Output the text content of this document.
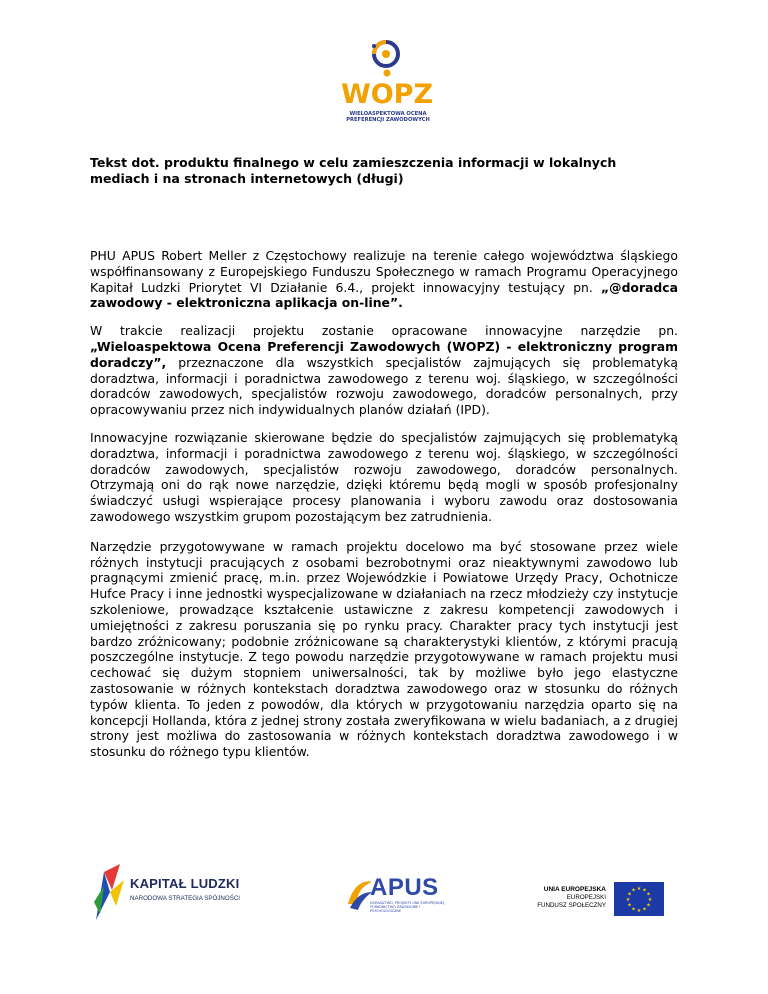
WOPZ
WIELOASPEKTOWA OCENA
PREFERENCJI ZAWODOWYCH
Tekst dot. produktu finalnego w celu zamieszczenia informacji w lokalnych mediach i na stronach internetowych (długi)

PHU APUS Robert Meller z Częstochowy realizuje na terenie całego województwa śląskiego współfinansowany z Europejskiego Funduszu Społecznego w ramach Programu Operacyjnego Kapitał Ludzki Priorytet VI Działanie 6.4., projekt innowacyjny testujący pn. „@doradca zawodowy - elektroniczna aplikacja on-line”.

W trakcie realizacji projektu zostanie opracowane innowacyjne narzędzie pn. „Wieloaspektowa Ocena Preferencji Zawodowych (WOPZ) - elektroniczny program doradczy”, przeznaczone dla wszystkich specjalistów zajmujących się problematyką doradztwa, informacji i poradnictwa zawodowego z terenu woj. śląskiego, w szczególności doradców zawodowych, specjalistów rozwoju zawodowego, doradców personalnych, przy opracowywaniu przez nich indywidualnych planów działań (IPD).

Innowacyjne rozwiązanie skierowane będzie do specjalistów zajmujących się problematyką doradztwa, informacji i poradnictwa zawodowego z terenu woj. śląskiego, w szczególności doradców zawodowych, specjalistów rozwoju zawodowego, doradców personalnych. Otrzymają oni do rąk nowe narzędzie, dzięki któremu będą mogli w sposób profesjonalny świadczyć usługi wspierające procesy planowania i wyboru zawodu oraz dostosowania zawodowego wszystkim grupom pozostającym bez zatrudnienia.

Narzędzie przygotowywane w ramach projektu docelowo ma być stosowane przez wiele różnych instytucji pracujących z osobami bezrobotnymi oraz nieaktywnymi zawodowo lub pragnącymi zmienić pracę, m.in. przez Wojewódzkie i Powiatowe Urzędy Pracy, Ochotnicze Hufce Pracy i inne jednostki wyspecjalizowane w działaniach na rzecz młodzieży czy instytucje szkoleniowe, prowadzące kształcenie ustawiczne z zakresu kompetencji zawodowych i umiejętności z zakresu poruszania się po rynku pracy. Charakter pracy tych instytucji jest bardzo zróżnicowany; podobnie zróżnicowane są charakterystyki klientów, z którymi pracują poszczególne instytucje. Z tego powodu narzędzie przygotowywane w ramach projektu musi cechować się dużym stopniem uniwersalności, tak by możliwe było jego elastyczne zastosowanie w różnych kontekstach doradztwa zawodowego oraz w stosunku do różnych typów klienta. To jeden z powodów, dla których w przygotowaniu narzędzia oparto się na koncepcji Hollanda, która z jednej strony została zweryfikowana w wielu badaniach, a z drugiej strony jest możliwa do zastosowania w różnych kontekstach doradztwa zawodowego i w stosunku do różnego typu klientów.

KAPITAŁ LUDZKI
NARODOWA STRATEGIA SPÓJNOŚCI	APUS
DORADZTWO, PROJEKTY UNII EUROPEJSKIEJ, PORADNICTWO ZAWODOWE I PSYCHOLOGICZNE
UNIA EUROPEJSKA
EUROPEJSKI
FUNDUSZ SPOŁECZNY
★ ★
★
★
★
★
★
★
★
★
★
★
